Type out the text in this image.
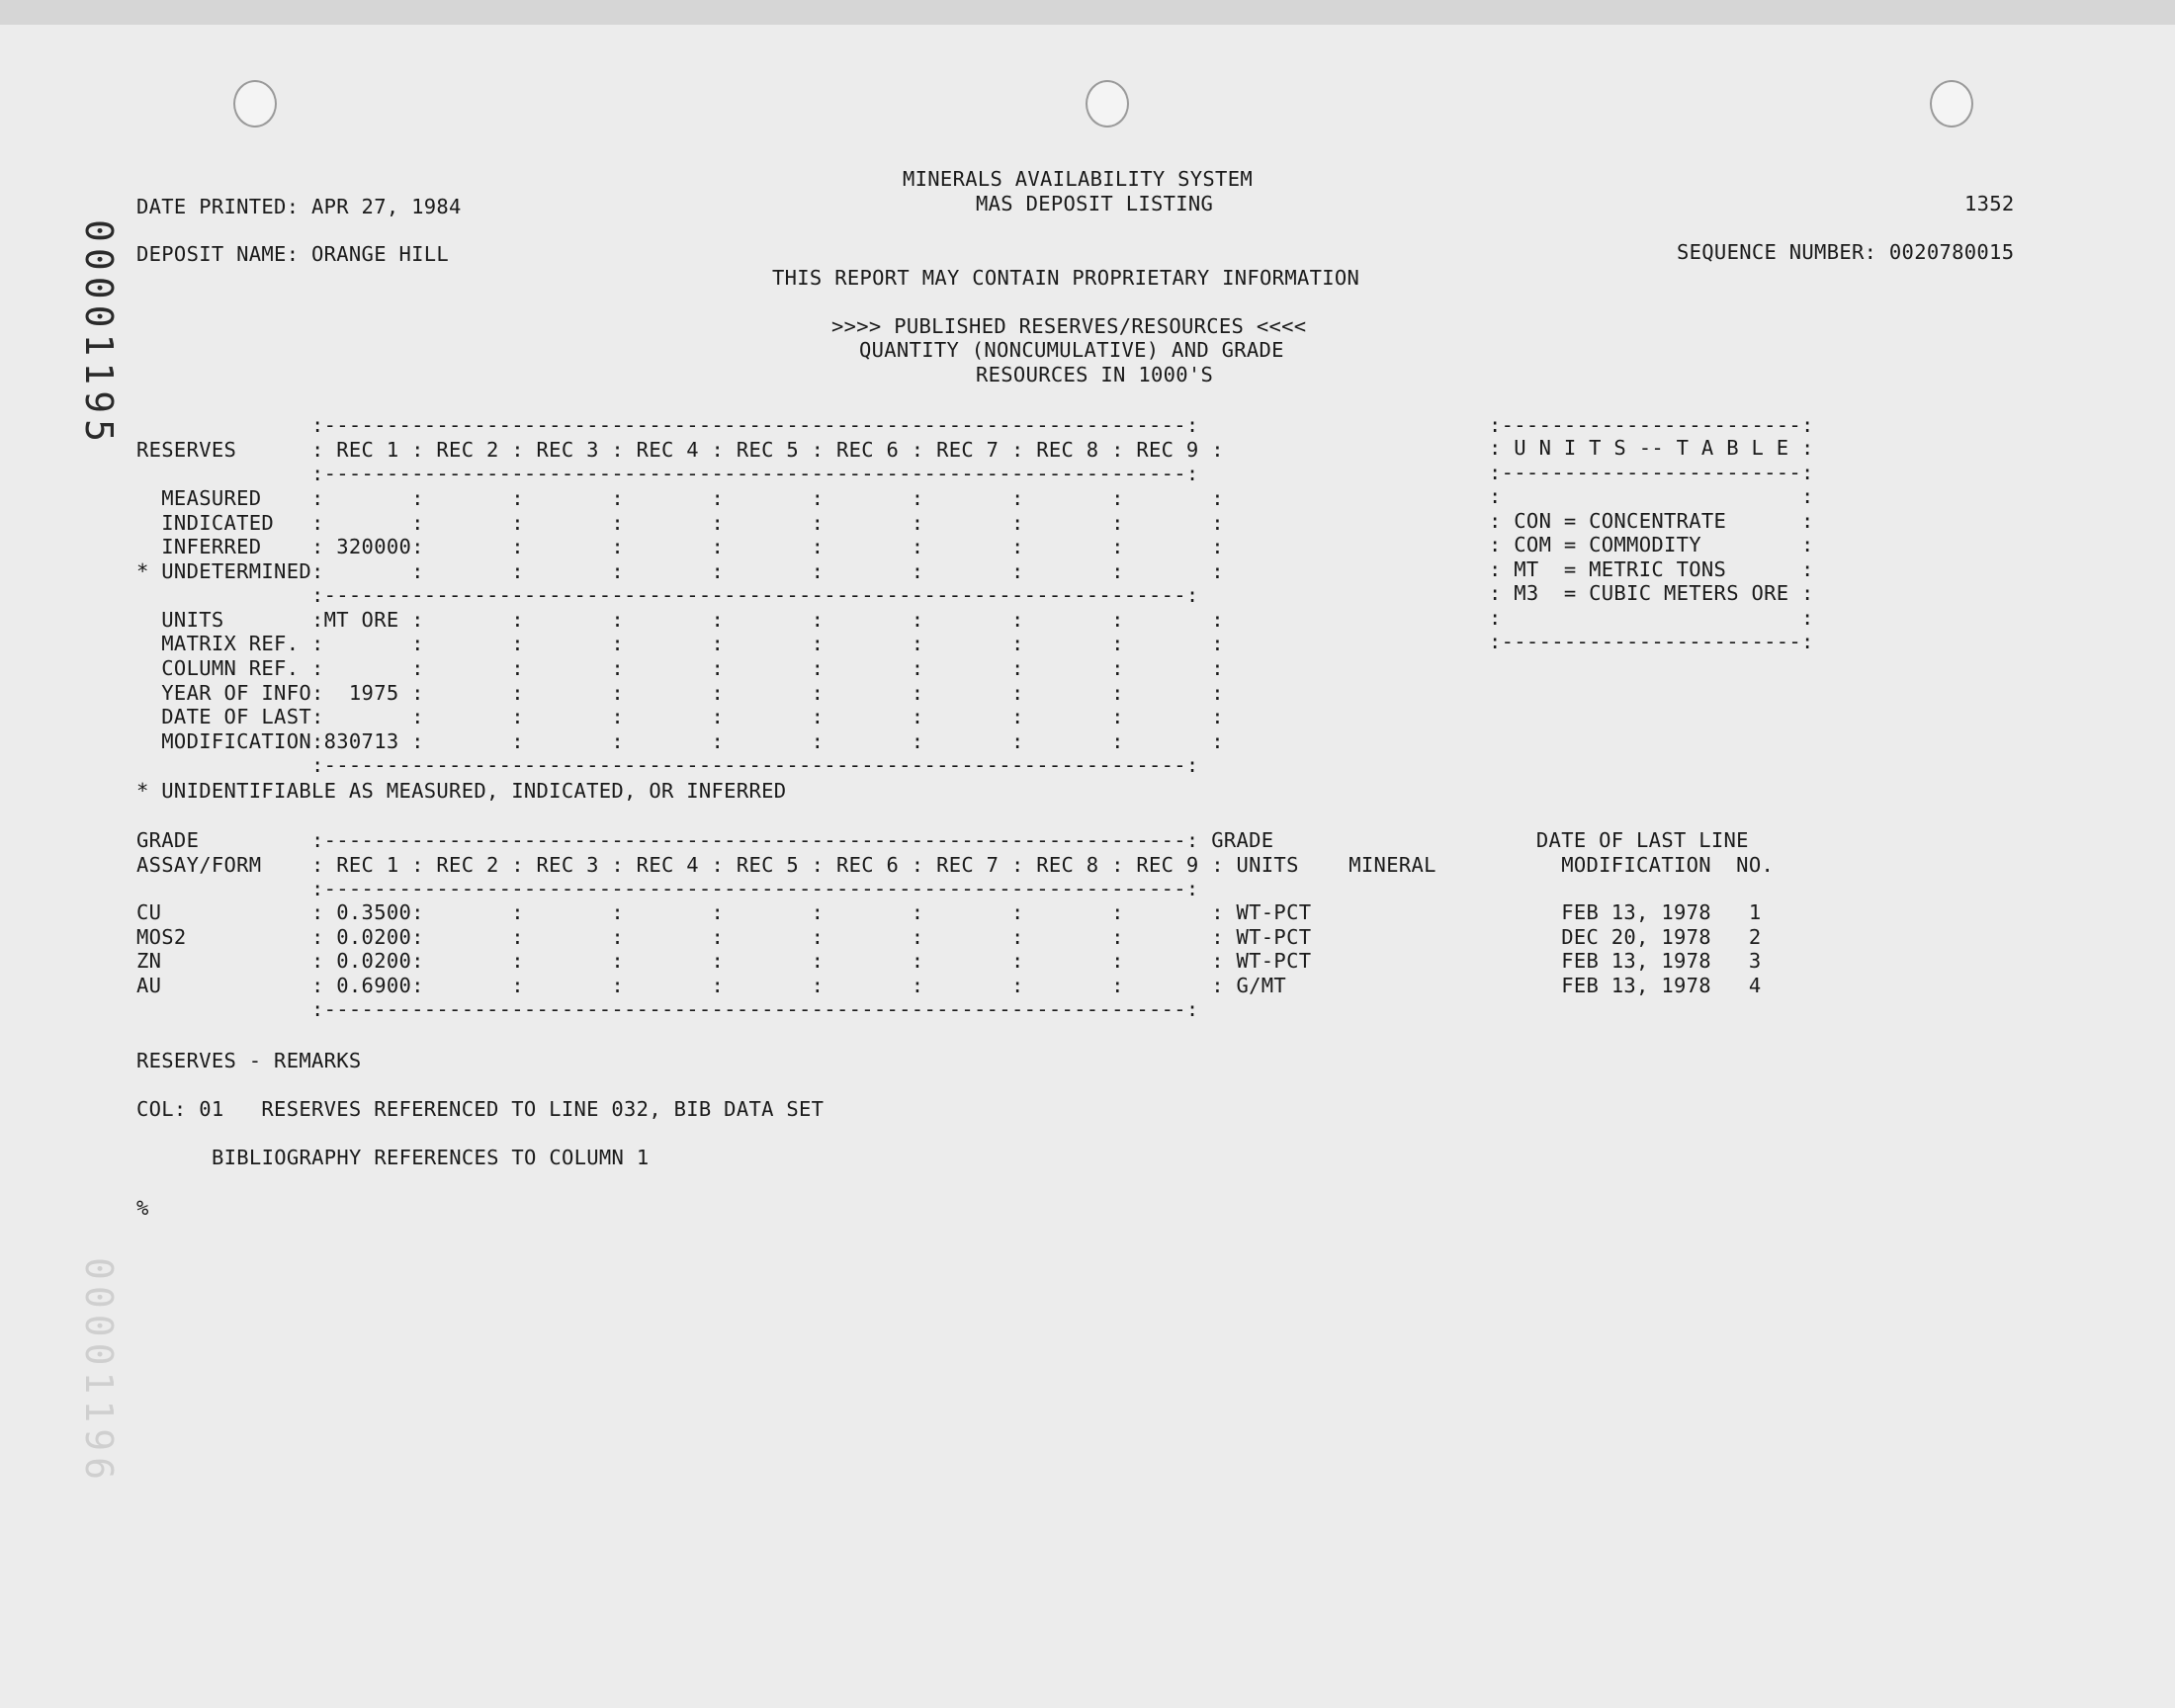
MINERALS AVAILABILITY SYSTEM
MAS DEPOSIT LISTING
DATE PRINTED: APR 27, 1984	1352
DEPOSIT NAME: ORANGE HILL	SEQUENCE NUMBER: 0020780015
THIS REPORT MAY CONTAIN PROPRIETARY INFORMATION
>>>> PUBLISHED RESERVES/RESOURCES <<<<
QUANTITY (NONCUMULATIVE) AND GRADE
RESOURCES IN 1000'S
:---------------------------------------------------------------------:
RESERVES      : REC 1 : REC 2 : REC 3 : REC 4 : REC 5 : REC 6 : REC 7 : REC 8 : REC 9 :
:---------------------------------------------------------------------:
MEASURED    :       :       :       :       :       :       :       :       :       :
INDICATED   :       :       :       :       :       :       :       :       :       :
INFERRED    : 320000:       :       :       :       :       :       :       :       :
* UNDETERMINED:       :       :       :       :       :       :       :       :       :
:---------------------------------------------------------------------:
UNITS       :MT ORE :       :       :       :       :       :       :       :       :
MATRIX REF. :       :       :       :       :       :       :       :       :       :
COLUMN REF. :       :       :       :       :       :       :       :       :       :
YEAR OF INFO:  1975 :       :       :       :       :       :       :       :       :
DATE OF LAST:       :       :       :       :       :       :       :       :       :
MODIFICATION:830713 :       :       :       :       :       :       :       :       :
:---------------------------------------------------------------------:
* UNIDENTIFIABLE AS MEASURED, INDICATED, OR INFERRED
:------------------------:
: U N I T S -- T A B L E :
:------------------------:
:                        :
: CON = CONCENTRATE      :
: COM = COMMODITY        :
: MT  = METRIC TONS      :
: M3  = CUBIC METERS ORE :
:                        :
:------------------------:
GRADE         :---------------------------------------------------------------------: GRADE                     DATE OF LAST LINE
ASSAY/FORM    : REC 1 : REC 2 : REC 3 : REC 4 : REC 5 : REC 6 : REC 7 : REC 8 : REC 9 : UNITS    MINERAL          MODIFICATION  NO.
:---------------------------------------------------------------------:
CU            : 0.3500:       :       :       :       :       :       :       :       : WT-PCT                    FEB 13, 1978   1
MOS2          : 0.0200:       :       :       :       :       :       :       :       : WT-PCT                    DEC 20, 1978   2
ZN            : 0.0200:       :       :       :       :       :       :       :       : WT-PCT                    FEB 13, 1978   3
AU            : 0.6900:       :       :       :       :       :       :       :       : G/MT                      FEB 13, 1978   4
:---------------------------------------------------------------------:
RESERVES - REMARKS
COL: 01   RESERVES REFERENCED TO LINE 032, BIB DATA SET
BIBLIOGRAPHY REFERENCES TO COLUMN 1
%
